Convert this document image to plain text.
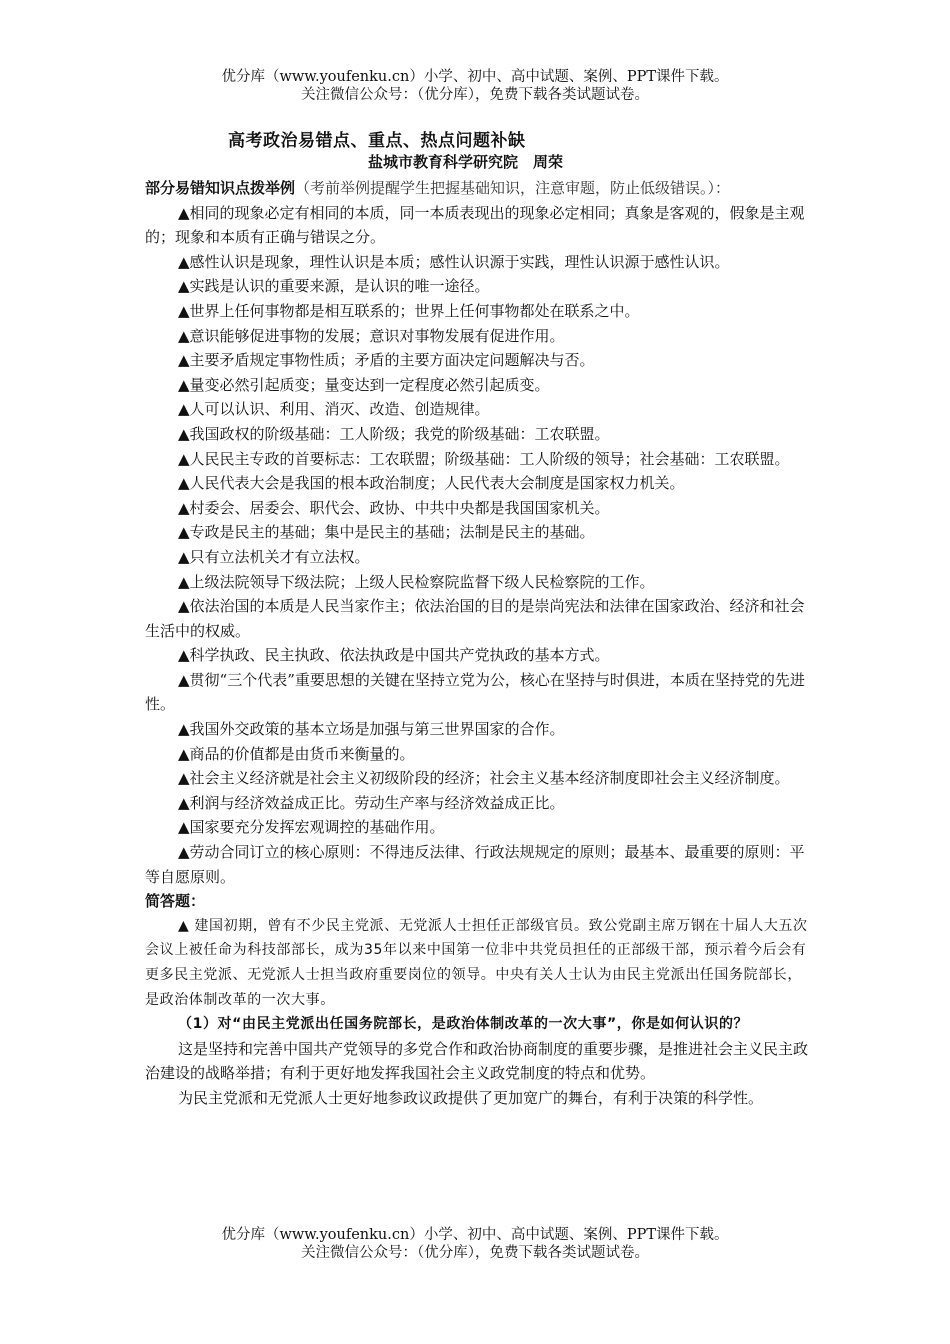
优分库（www.youfenku.cn）小学、初中、高中试题、案例、PPT课件下载。
关注微信公众号：（优分库），免费下载各类试题试卷。
高考政治易错点、重点、热点问题补缺
盐城市教育科学研究院　周荣

部分易错知识点拨举例（考前举例提醒学生把握基础知识，注意审题，防止低级错误。）：

▲相同的现象必定有相同的本质，同一本质表现出的现象必定相同；真象是客观的，假象是主观的；现象和本质有正确与错误之分。

▲感性认识是现象，理性认识是本质；感性认识源于实践，理性认识源于感性认识。

▲实践是认识的重要来源，是认识的唯一途径。

▲世界上任何事物都是相互联系的；世界上任何事物都处在联系之中。

▲意识能够促进事物的发展；意识对事物发展有促进作用。

▲主要矛盾规定事物性质；矛盾的主要方面决定问题解决与否。

▲量变必然引起质变；量变达到一定程度必然引起质变。

▲人可以认识、利用、消灭、改造、创造规律。

▲我国政权的阶级基础：工人阶级；我党的阶级基础：工农联盟。

▲人民民主专政的首要标志：工农联盟；阶级基础：工人阶级的领导；社会基础：工农联盟。

▲人民代表大会是我国的根本政治制度；人民代表大会制度是国家权力机关。

▲村委会、居委会、职代会、政协、中共中央都是我国国家机关。

▲专政是民主的基础；集中是民主的基础；法制是民主的基础。

▲只有立法机关才有立法权。

▲上级法院领导下级法院；上级人民检察院监督下级人民检察院的工作。

▲依法治国的本质是人民当家作主；依法治国的目的是崇尚宪法和法律在国家政治、经济和社会生活中的权威。

▲科学执政、民主执政、依法执政是中国共产党执政的基本方式。

▲贯彻“三个代表”重要思想的关键在坚持立党为公，核心在坚持与时俱进，本质在坚持党的先进性。

▲我国外交政策的基本立场是加强与第三世界国家的合作。

▲商品的价值都是由货币来衡量的。

▲社会主义经济就是社会主义初级阶段的经济；社会主义基本经济制度即社会主义经济制度。

▲利润与经济效益成正比。劳动生产率与经济效益成正比。

▲国家要充分发挥宏观调控的基础作用。

▲劳动合同订立的核心原则：不得违反法律、行政法规规定的原则；最基本、最重要的原则：平等自愿原则。

简答题：

▲ 建国初期，曾有不少民主党派、无党派人士担任正部级官员。致公党副主席万钢在十届人大五次会议上被任命为科技部部长，成为35年以来中国第一位非中共党员担任的正部级干部，预示着今后会有更多民主党派、无党派人士担当政府重要岗位的领导。中央有关人士认为由民主党派出任国务院部长，是政治体制改革的一次大事。

（1）对“由民主党派出任国务院部长，是政治体制改革的一次大事”，你是如何认识的？

这是坚持和完善中国共产党领导的多党合作和政治协商制度的重要步骤，是推进社会主义民主政治建设的战略举措；有利于更好地发挥我国社会主义政党制度的特点和优势。

为民主党派和无党派人士更好地参政议政提供了更加宽广的舞台，有利于决策的科学性。

优分库（www.youfenku.cn）小学、初中、高中试题、案例、PPT课件下载。
关注微信公众号：（优分库），免费下载各类试题试卷。
